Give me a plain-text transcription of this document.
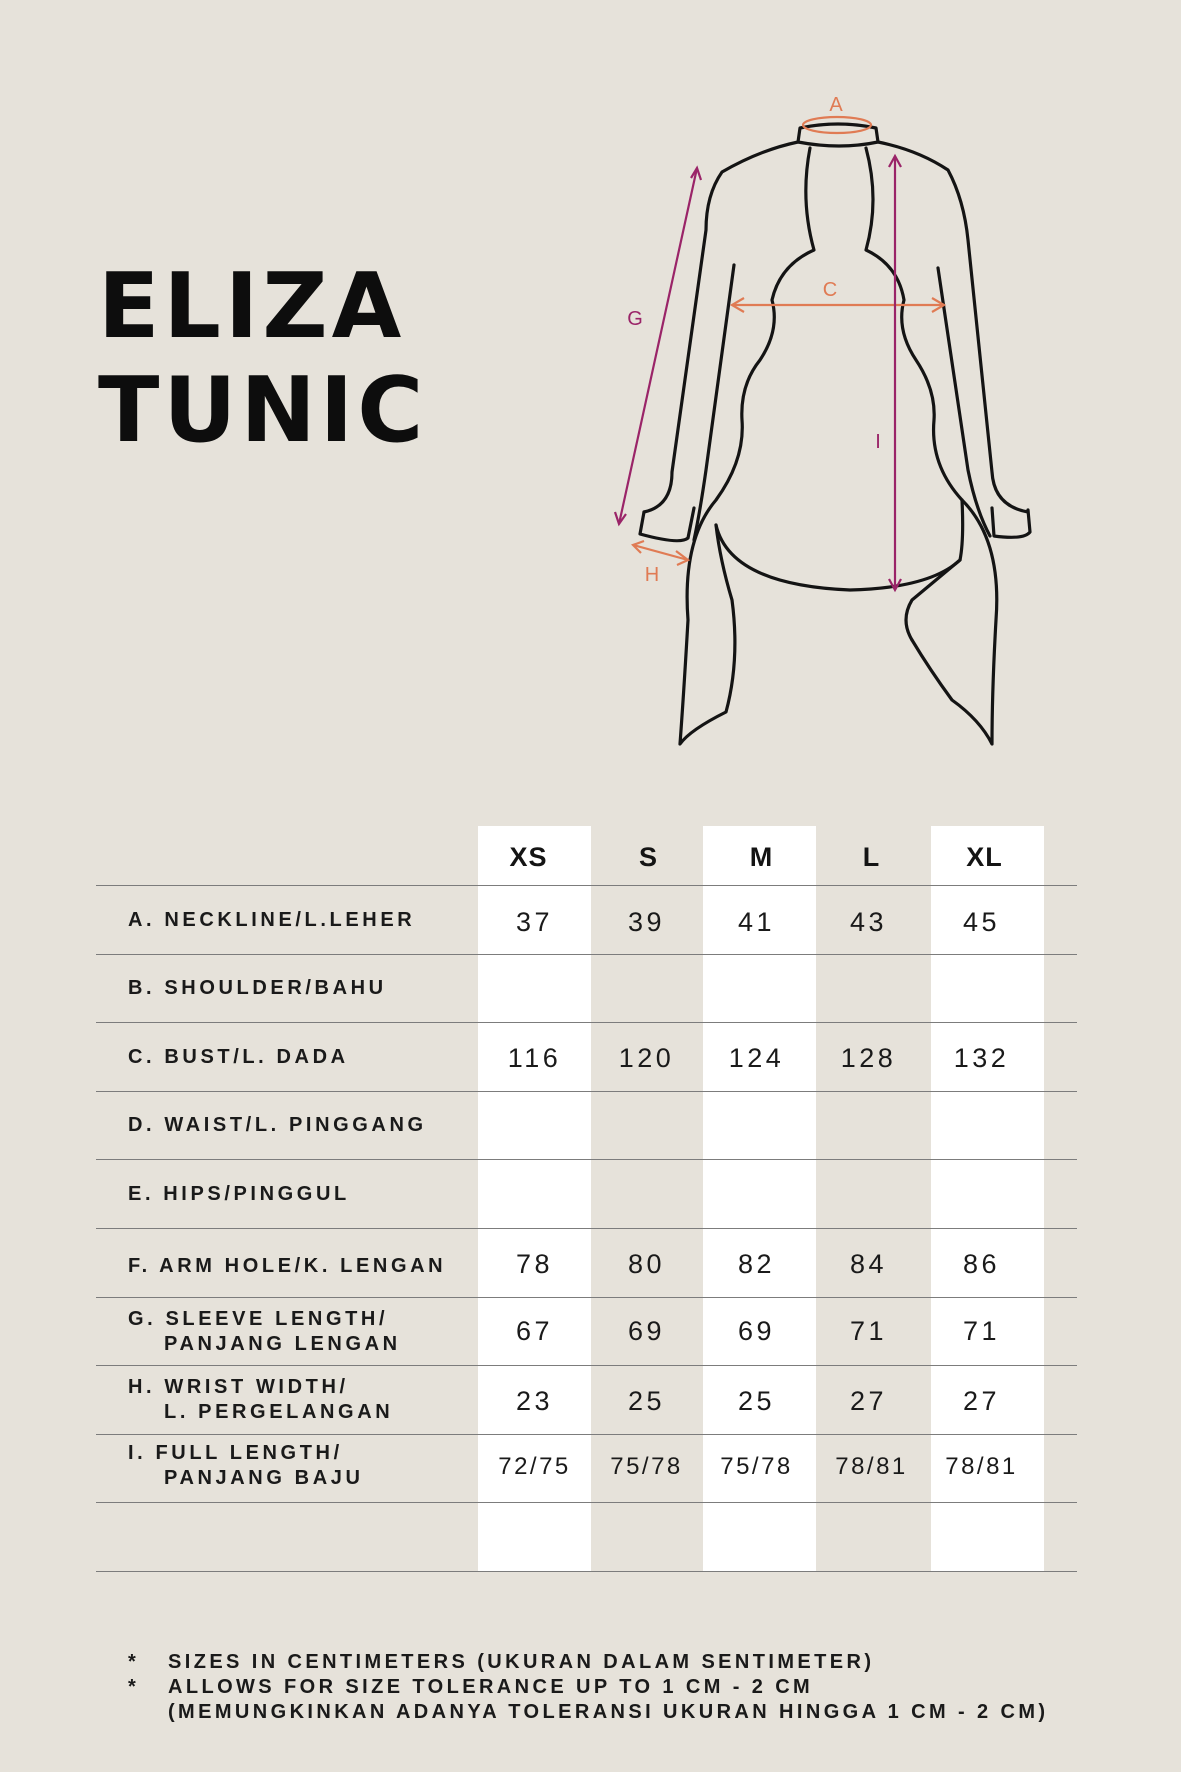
ELIZA
TUNIC
A
C
G
I
H
XS	S	M	L	XL
A. NECKLINE/L.LEHER	37	39	41	43	45
B. SHOULDER/BAHU
C. BUST/L. DADA	116	120	124	128	132
D. WAIST/L. PINGGANG
E. HIPS/PINGGUL
F. ARM HOLE/K. LENGAN	78	80	82	84	86
G. SLEEVE LENGTH/
PANJANG LENGAN	67	69	69	71	71
H. WRIST WIDTH/
L. PERGELANGAN	23	25	25	27	27
I. FULL LENGTH/
PANJANG BAJU	72/75	75/78	75/78	78/81	78/81
*	SIZES IN CENTIMETERS (UKURAN DALAM SENTIMETER)
*	ALLOWS FOR SIZE TOLERANCE UP TO 1 CM - 2 CM
(MEMUNGKINKAN ADANYA TOLERANSI UKURAN HINGGA 1 CM - 2 CM)
